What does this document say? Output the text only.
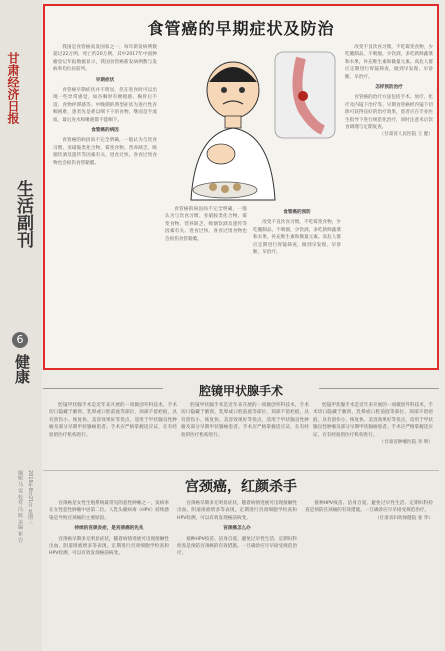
甘肃经济日报
生活副刊
6
健康
编辑 马 雯 校对 冯 辉 美编 崔 岩 2019年8月21日 星期三
食管癌的早期症状及防治

我国是食管癌高发国家之一，每年新发病例数超过22万例，死亡约20万例。其中2017年中国肿瘤登记年报数据显示，我国食管癌新发病例数与发病率均位居前列。

早期症状

食管癌早期症状并不明显，但在进食时可以出现一些异常感觉，如吞咽时有哽噎感、胸骨后不适、食物停滞感等。中晚期的典型症状为进行性吞咽困难，患者先是难以咽下干的食物，继而是半流质，最后连水和唾液都不能咽下。

食管癌的病因

食管癌的病因尚不完全明确，一般认为与饮食习惯、亚硝胺类化合物、霉变食物、营养缺乏、吸烟饮酒及遗传等因素有关。进食过快、喜食过烫食物也会损伤食管黏膜。

食管癌的病因尚不完全明确，一般认为与饮食习惯、亚硝胺类化合物、霉变食物、营养缺乏、吸烟饮酒及遗传等因素有关。进食过快、喜食过烫食物也会损伤食管黏膜。

食管癌的预防

改变不良饮食习惯，不吃霉变食物，少吃腌制品，不吸烟，少饮酒，多吃新鲜蔬菜和水果，补充维生素和微量元素。高危人群应定期进行胃镜筛查，做到早发现、早诊断、早治疗。

改变不良饮食习惯，不吃霉变食物，少吃腌制品，不吸烟，少饮酒，多吃新鲜蔬菜和水果，补充维生素和微量元素。高危人群应定期进行胃镜筛查，做到早发现、早诊断、早治疗。

怎样预防治疗

食管癌的治疗方法包括手术、放疗、化疗及内镜下治疗等。早期食管癌经内镜下切除可获得良好的治疗效果，患者应在专业医生指导下进行规范化治疗，同时注意术后饮食调理与定期复查。

（甘肃省人民医院 王 健）

腔镜甲状腺手术

腔镜甲状腺手术是近年来开展的一项微创外科技术，手术切口隐藏于腋窝、乳晕或口腔前庭等部位，颈部不留疤痕，具有创伤小、恢复快、美容效果好等优点，适用于甲状腺良性肿瘤及部分早期甲状腺癌患者。手术应严格掌握适应证，在有经验的医疗机构进行。

腔镜甲状腺手术是近年来开展的一项微创外科技术，手术切口隐藏于腋窝、乳晕或口腔前庭等部位，颈部不留疤痕，具有创伤小、恢复快、美容效果好等优点，适用于甲状腺良性肿瘤及部分早期甲状腺癌患者。手术应严格掌握适应证，在有经验的医疗机构进行。

腔镜甲状腺手术是近年来开展的一项微创外科技术，手术切口隐藏于腋窝、乳晕或口腔前庭等部位，颈部不留疤痕，具有创伤小、恢复快、美容效果好等优点，适用于甲状腺良性肿瘤及部分早期甲状腺癌患者。手术应严格掌握适应证，在有经验的医疗机构进行。

（甘肃省肿瘤医院 李 明）

宫颈癌，红颜杀手

宫颈癌是女性生殖系统最常见的恶性肿瘤之一，发病率在女性恶性肿瘤中居第二位。人乳头瘤病毒（HPV）持续感染是导致宫颈癌的主要原因。

持续的宫颈炎症，是宫颈癌的先兆

宫颈癌早期多无明显症状，随着病情进展可出现接触性出血、阴道排液增多等表现。定期进行宫颈细胞学检查和HPV检测，可以有效发现癌前病变。

宫颈癌早期多无明显症状，随着病情进展可出现接触性出血、阴道排液增多等表现。定期进行宫颈细胞学检查和HPV检测，可以有效发现癌前病变。

宫颈癌怎么办

接种HPV疫苗、洁身自爱、避免过早性生活、定期妇科检查是预防宫颈癌的有效措施。一旦确诊应尽早接受规范治疗。

接种HPV疫苗、洁身自爱、避免过早性生活、定期妇科检查是预防宫颈癌的有效措施。一旦确诊应尽早接受规范治疗。

（甘肃省妇幼保健院 张 华）
